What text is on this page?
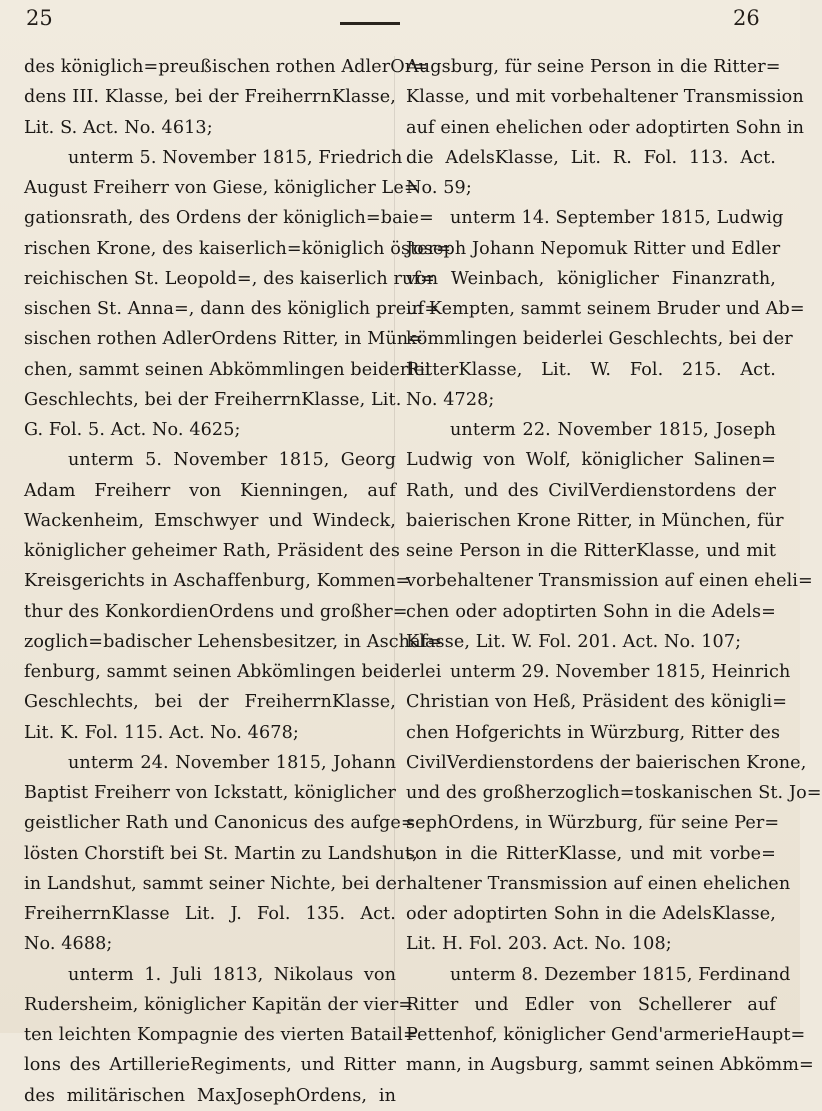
25	26
des königlich=preußischen rothen AdlerOr=
dens III. Klasse, bei der FreiherrnKlasse,
Lit. S. Act. No. 4613;
unterm 5. November 1815, Friedrich
August Freiherr von Giese, königlicher Le=
gationsrath, des Ordens der königlich=baie=
rischen Krone, des kaiserlich=königlich öster=
reichischen St. Leopold=, des kaiserlich ruf=
sischen St. Anna=, dann des königlich preuf=
sischen rothen AdlerOrdens Ritter, in Mün=
chen, sammt seinen Abkömmlingen beiderlei
Geschlechts, bei der FreiherrnKlasse, Lit.
G. Fol. 5. Act. No. 4625;
unterm 5. November 1815, Georg
Adam Freiherr von Kienningen, auf
Wackenheim, Emschwyer und Windeck,
königlicher geheimer Rath, Präsident des
Kreisgerichts in Aschaffenburg, Kommen=
thur des KonkordienOrdens und großher=
zoglich=badischer Lehensbesitzer, in Aschaf=
fenburg, sammt seinen Abkömlingen beiderlei
Geschlechts, bei der FreiherrnKlasse,
Lit. K. Fol. 115. Act. No. 4678;
unterm 24. November 1815, Johann
Baptist Freiherr von Ickstatt, königlicher
geistlicher Rath und Canonicus des aufge=
lösten Chorstift bei St. Martin zu Landshut,
in Landshut, sammt seiner Nichte, bei der
FreiherrnKlasse Lit. J. Fol. 135. Act.
No. 4688;
unterm 1. Juli 1813, Nikolaus von
Rudersheim, königlicher Kapitän der vier=
ten leichten Kompagnie des vierten Batail=
lons des ArtillerieRegiments, und Ritter
des militärischen MaxJosephOrdens, in
Augsburg, für seine Person in die Ritter=
Klasse, und mit vorbehaltener Transmission
auf einen ehelichen oder adoptirten Sohn in
die AdelsKlasse, Lit. R. Fol. 113. Act.
No. 59;
unterm 14. September 1815, Ludwig
Joseph Johann Nepomuk Ritter und Edler
von Weinbach, königlicher Finanzrath,
in Kempten, sammt seinem Bruder und Ab=
kömmlingen beiderlei Geschlechts, bei der
RitterKlasse, Lit. W. Fol. 215. Act.
No. 4728;
unterm 22. November 1815, Joseph
Ludwig von Wolf, königlicher Salinen=
Rath, und des CivilVerdienstordens der
baierischen Krone Ritter, in München, für
seine Person in die RitterKlasse, und mit
vorbehaltener Transmission auf einen eheli=
chen oder adoptirten Sohn in die Adels=
Klasse, Lit. W. Fol. 201. Act. No. 107;
unterm 29. November 1815, Heinrich
Christian von Heß, Präsident des königli=
chen Hofgerichts in Würzburg, Ritter des
CivilVerdienstordens der baierischen Krone,
und des großherzoglich=toskanischen St. Jo=
sephOrdens, in Würzburg, für seine Per=
son in die RitterKlasse, und mit vorbe=
haltener Transmission auf einen ehelichen
oder adoptirten Sohn in die AdelsKlasse,
Lit. H. Fol. 203. Act. No. 108;
unterm 8. Dezember 1815, Ferdinand
Ritter und Edler von Schellerer auf
Pettenhof, königlicher Gend'armerieHaupt=
mann, in Augsburg, sammt seinen Abkömm=
